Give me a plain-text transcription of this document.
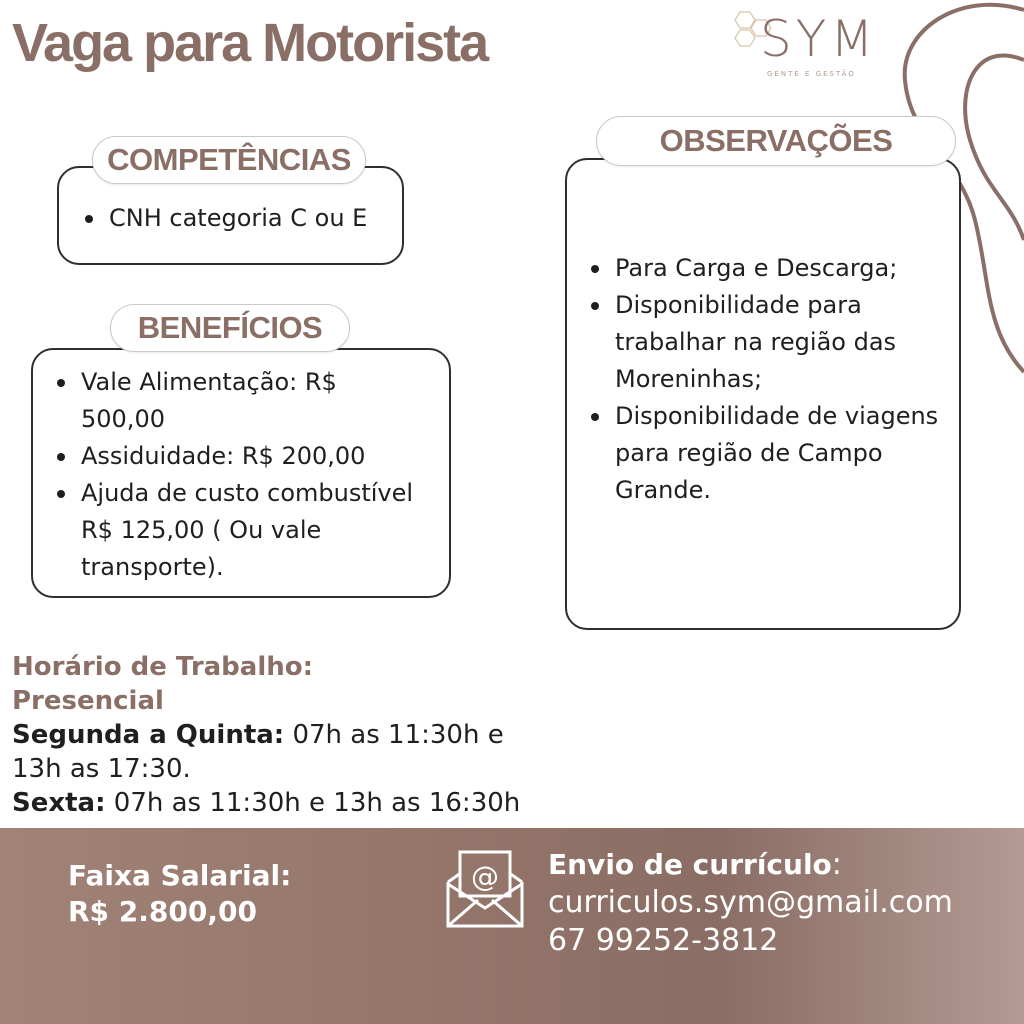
Vaga para Motorista	SYM
GENTE E GESTÃO
CNH categoria C ou E
COMPETÊNCIAS
Vale Alimentação: R$ 500,00
Assiduidade: R$ 200,00
Ajuda de custo combustível R$ 125,00 ( Ou vale transporte).
BENEFÍCIOS
Para Carga e Descarga;
Disponibilidade para trabalhar na região das Moreninhas;
Disponibilidade de viagens para região de Campo Grande.
OBSERVAÇÕES
Horário de Trabalho:
Presencial
Segunda a Quinta: 07h as 11:30h e 13h as 17:30.
Sexta: 07h as 11:30h e 13h as 16:30h
Faixa Salarial:
R$ 2.800,00
@ Envio de currículo:
curriculos.sym@gmail.com
67 99252-3812
